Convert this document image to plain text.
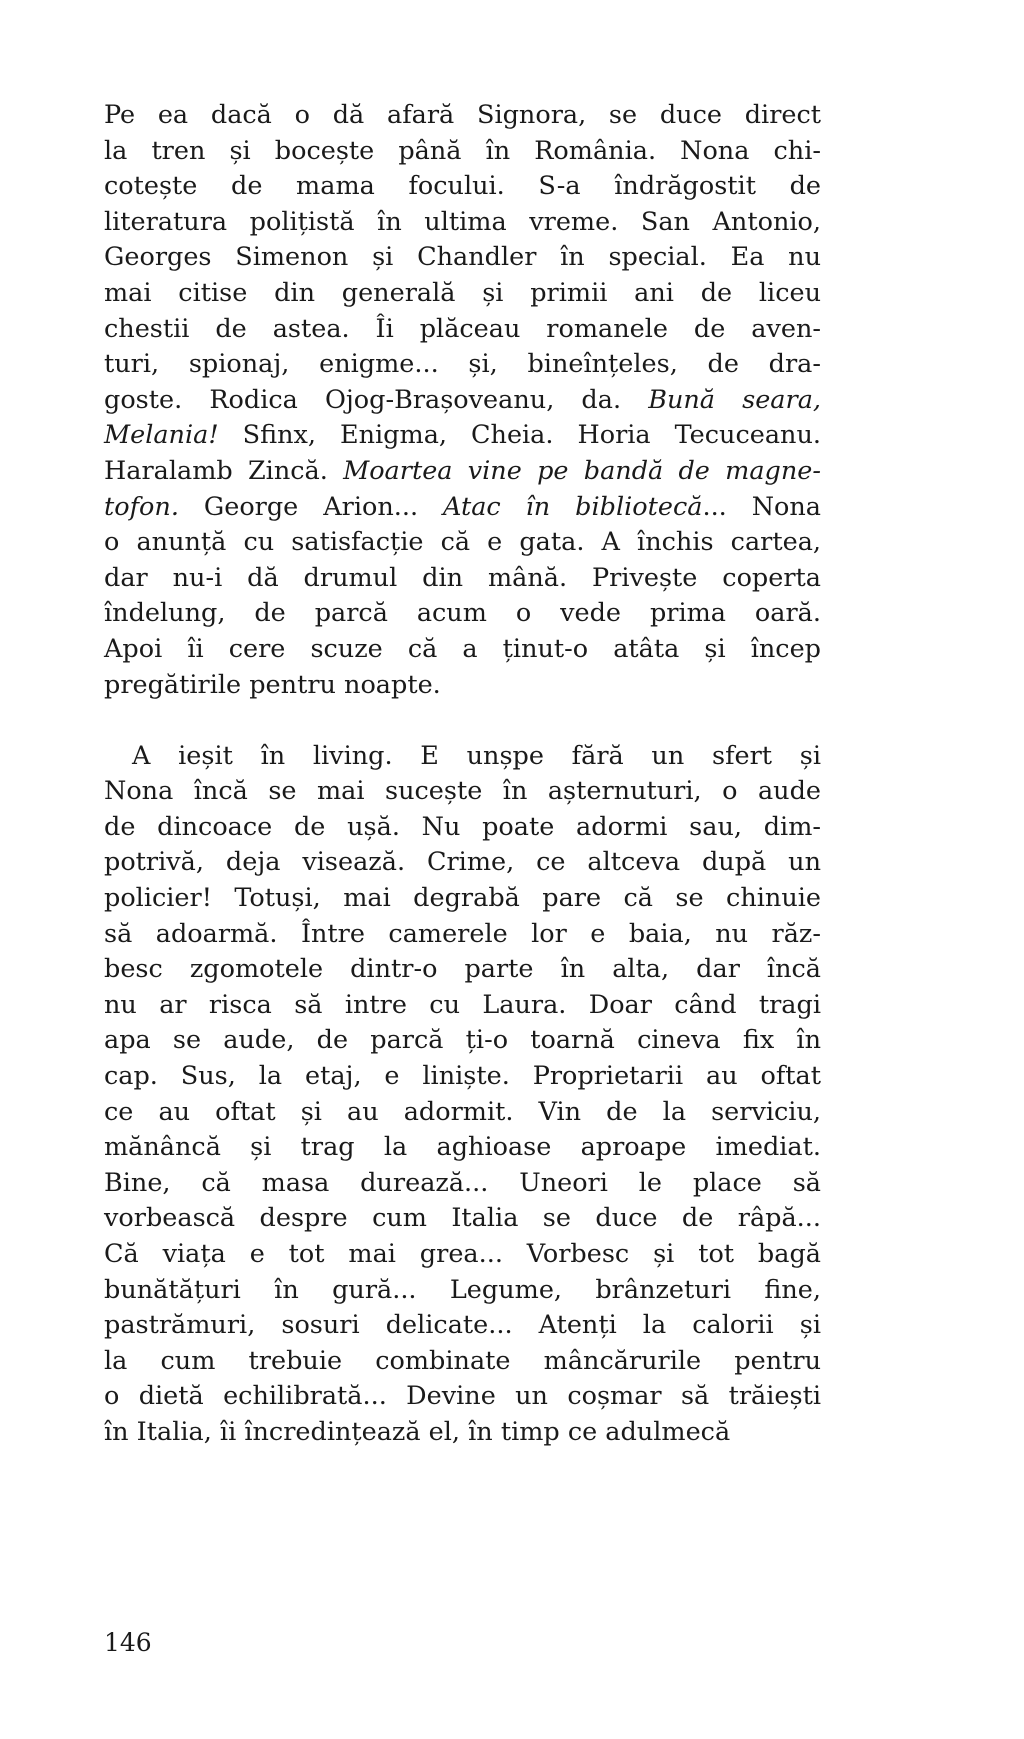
Pe ea dacă o dă afară Signora, se duce direct
la tren și bocește până în România. Nona chi-
cotește de mama focului. S-a îndrăgostit de
literatura polițistă în ultima vreme. San Antonio,
Georges Simenon și Chandler în special. Ea nu
mai citise din generală și primii ani de liceu
chestii de astea. Îi plăceau romanele de aven-
turi, spionaj, enigme... și, bineînțeles, de dra-
goste. Rodica Ojog-Brașoveanu, da. Bună seara,
Melania! Sfinx, Enigma, Cheia. Horia Tecuceanu.
Haralamb Zincă. Moartea vine pe bandă de magne-
tofon. George Arion... Atac în bibliotecă... Nona
o anunță cu satisfacție că e gata. A închis cartea,
dar nu-i dă drumul din mână. Privește coperta
îndelung, de parcă acum o vede prima oară.
Apoi îi cere scuze că a ținut-o atâta și încep
pregătirile pentru noapte.
A ieșit în living. E unșpe fără un sfert și
Nona încă se mai sucește în așternuturi, o aude
de dincoace de ușă. Nu poate adormi sau, dim-
potrivă, deja visează. Crime, ce altceva după un
policier! Totuși, mai degrabă pare că se chinuie
să adoarmă. Între camerele lor e baia, nu răz-
besc zgomotele dintr-o parte în alta, dar încă
nu ar risca să intre cu Laura. Doar când tragi
apa se aude, de parcă ți-o toarnă cineva fix în
cap. Sus, la etaj, e liniște. Proprietarii au oftat
ce au oftat și au adormit. Vin de la serviciu,
mănâncă și trag la aghioase aproape imediat.
Bine, că masa durează... Uneori le place să
vorbească despre cum Italia se duce de râpă...
Că viața e tot mai grea... Vorbesc și tot bagă
bunătățuri în gură... Legume, brânzeturi fine,
pastrămuri, sosuri delicate... Atenți la calorii și
la cum trebuie combinate mâncărurile pentru
o dietă echilibrată... Devine un coșmar să trăiești
în Italia, îi încredințează el, în timp ce adulmecă
146
